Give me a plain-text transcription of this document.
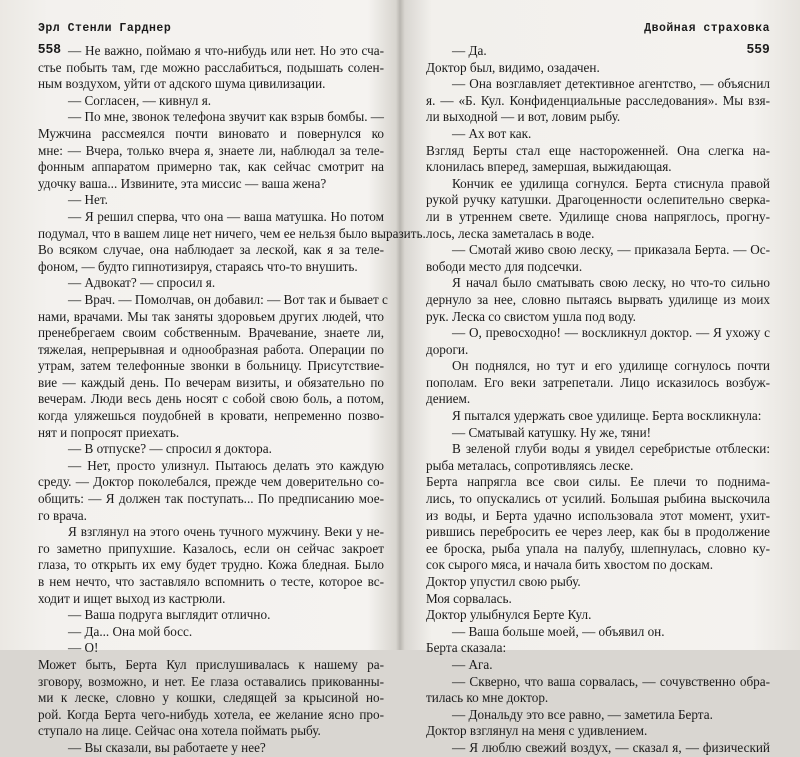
Эрл Стенли Гарднер
558 — Не важно, поймаю я что-нибудь или нет. Но это сча-
стье побыть там, где можно расслабиться, подышать солен-
ным воздухом, уйти от адского шума цивилизации.
— Согласен, — кивнул я.
— По мне, звонок телефона звучит как взрыв бомбы. —
Мужчина рассмеялся почти виновато и повернулся ко
мне: — Вчера, только вчера я, знаете ли, наблюдал за телe-
фонным аппаратом примерно так, как сейчас смотрит на
удочку ваша... Извините, эта миссис — ваша жена?
— Нет.
— Я решил сперва, что она — ваша матушка. Но потом
подумал, что в вашем лице нет ничего, чем ее нельзя было выразить.
Во всяком случае, она наблюдает за леской, как я за телe-
фоном, — будто гипнотизируя, стараясь что-то внушить.
— Адвокат? — спросил я.
— Врач. — Помолчав, он добавил: — Вот так и бывает с
нами, врачами. Мы так заняты здоровьем других людей, что
пренебрегаем своим собственным. Врачевание, знаете ли,
тяжелая, непрерывная и однообразная работа. Операции по
утрам, затем телефонные звонки в больницу. Присутствие-
вие — каждый день. По вечерам визиты, и обязательно по
вечерам. Люди весь день носят с собой свою боль, а потом,
когда уляжешься поудобней в кровати, непременно позво-
нят и попросят приехать.
— В отпуске? — спросил я доктора.
— Нет, просто улизнул. Пытаюсь делать это каждую
среду. — Доктор поколебался, прежде чем доверительно со-
общить: — Я должен так поступать... По предписанию мое-
го врача.
Я взглянул на этого очень тучного мужчину. Веки у не-
го заметно припухшие. Казалось, если он сейчас закроет
глаза, то открыть их ему будет трудно. Кожа бледная. Было
в нем нечто, что заставляло вспомнить о тесте, которое вс-
ходит и ищет выход из кастрюли.
— Ваша подруга выглядит отлично.
— Да... Она мой босс.
— О!
Может быть, Берта Кул прислушивалась к нашему ра-
зговору, возможно, и нет. Ее глаза оставались прикованны-
ми к леске, словно у кошки, следящей за крысиной но-
рой. Когда Берта чего-нибудь хотела, ее желание ясно про-
ступало на лице. Сейчас она хотела поймать рыбу.
— Вы сказали, вы работаете у нее?
Двойная страховка
559
— Да.
Доктор был, видимо, озадачен.
— Она возглавляет детективное агентство, — объяснил
я. — «Б. Кул. Конфиденциальные расследования». Мы взя-
ли выходной — и вот, ловим рыбу.
— Ах вот как.
Взгляд Берты стал еще настороженней. Она слегка на-
клонилась вперед, замершая, выжидающая.
Кончик ее удилища согнулся. Берта стиснула правой
рукой ручку катушки. Драгоценности ослепительно сверка-
ли в утреннем свете. Удилище снова напряглось, прогну-
лось, леска заметалась в воде.
— Смотай живо свою леску, — приказала Берта. — Ос-
вободи место для подсечки.
Я начал было сматывать свою леску, но что-то сильно
дернуло за нее, словно пытаясь вырвать удилище из моих
рук. Леска со свистом ушла под воду.
— О, превосходно! — воскликнул доктор. — Я ухожу с
дороги.
Он поднялся, но тут и его удилище согнулось почти
пополам. Его веки затрепетали. Лицо исказилось возбуж-
дением.
Я пытался удержать свое удилище. Берта воскликнула:
— Сматывай катушку. Ну же, тяни!
В зеленой глуби воды я увидел серебристые отблески:
рыба металась, сопротивляясь леске.
Берта напрягла все свои силы. Ее плечи то поднима-
лись, то опускались от усилий. Большая рыбина выскочила
из воды, и Берта удачно использовала этот момент, ухит-
рившись перебросить ее через леер, как бы в продолжение
ее броска, рыба упала на палубу, шлепнулась, словно ку-
сок сырого мяса, и начала бить хвостом по доскам.
Доктор упустил свою рыбу.
Моя сорвалась.
Доктор улыбнулся Берте Кул.
— Ваша больше моей, — объявил он.
Берта сказала:
— Ага.
— Скверно, что ваша сорвалась, — сочувственно обра-
тилась ко мне доктор.
— Дональду это все равно, — заметила Берта.
Доктор взглянул на меня с удивлением.
— Я люблю свежий воздух, — сказал я, — физический
